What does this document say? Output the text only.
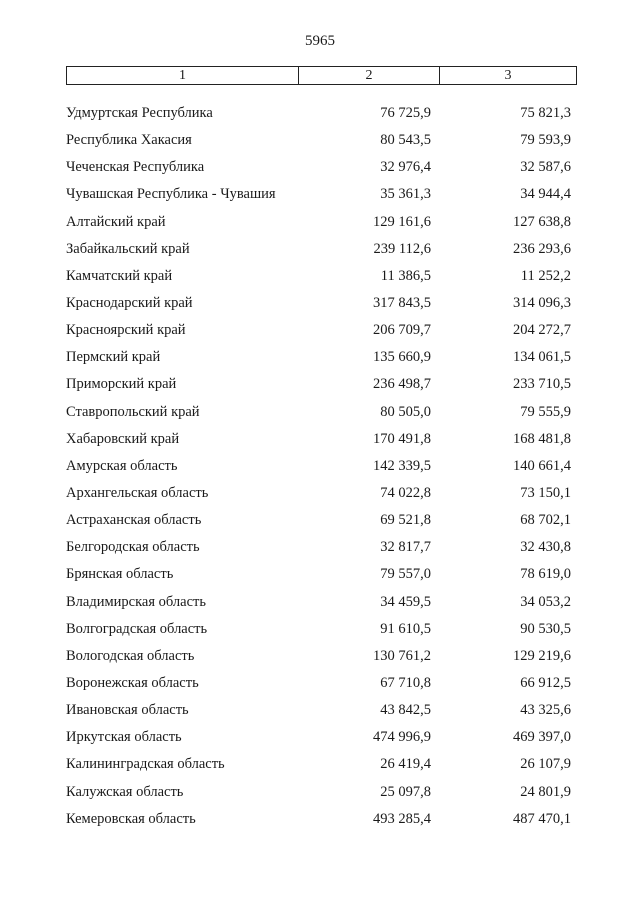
5965
1	2	3
Удмуртская Республика	76 725,9	75 821,3
Республика Хакасия	80 543,5	79 593,9
Чеченская Республика	32 976,4	32 587,6
Чувашская Республика - Чувашия	35 361,3	34 944,4
Алтайский край	129 161,6	127 638,8
Забайкальский край	239 112,6	236 293,6
Камчатский край	11 386,5	11 252,2
Краснодарский край	317 843,5	314 096,3
Красноярский край	206 709,7	204 272,7
Пермский край	135 660,9	134 061,5
Приморский край	236 498,7	233 710,5
Ставропольский край	80 505,0	79 555,9
Хабаровский край	170 491,8	168 481,8
Амурская область	142 339,5	140 661,4
Архангельская область	74 022,8	73 150,1
Астраханская область	69 521,8	68 702,1
Белгородская область	32 817,7	32 430,8
Брянская область	79 557,0	78 619,0
Владимирская область	34 459,5	34 053,2
Волгоградская область	91 610,5	90 530,5
Вологодская область	130 761,2	129 219,6
Воронежская область	67 710,8	66 912,5
Ивановская область	43 842,5	43 325,6
Иркутская область	474 996,9	469 397,0
Калининградская область	26 419,4	26 107,9
Калужская область	25 097,8	24 801,9
Кемеровская область	493 285,4	487 470,1
